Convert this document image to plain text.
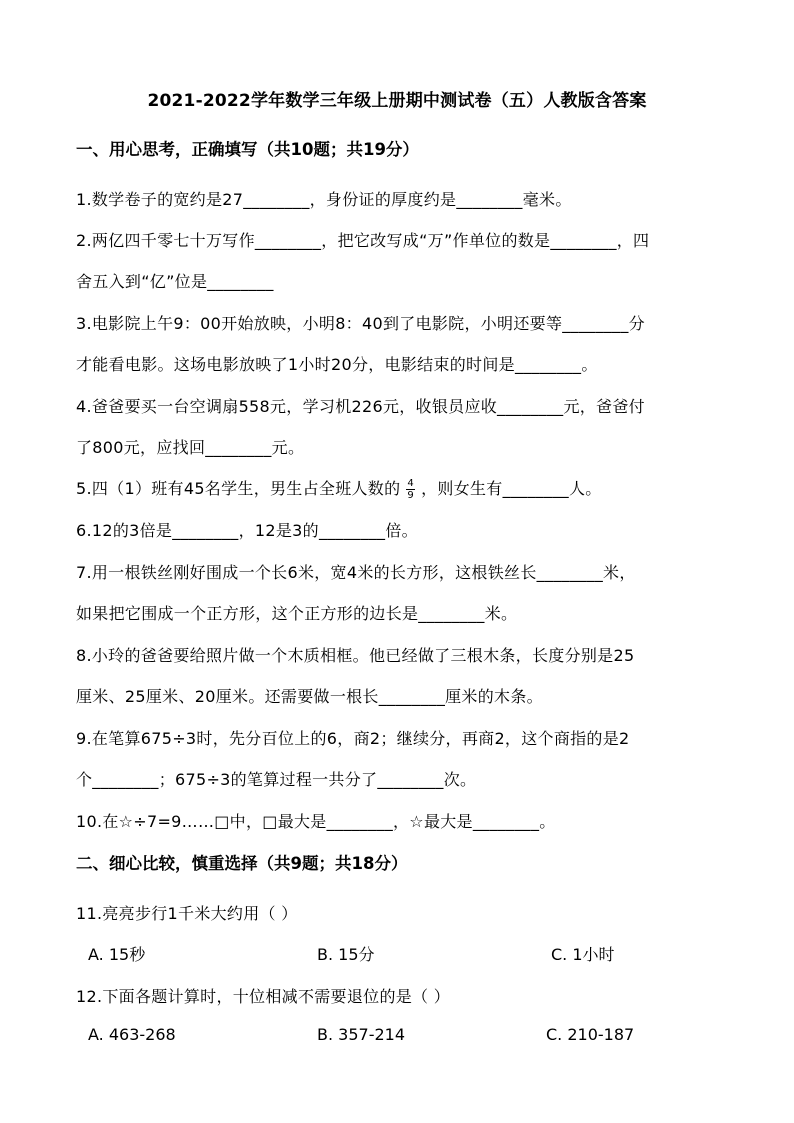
2021-2022学年数学三年级上册期中测试卷（五）人教版含答案
一、用心思考，正确填写（共10题；共19分）
1.数学卷子的宽约是27________，身份证的厚度约是________毫米。
2.两亿四千零七十万写作________，把它改写成“万”作单位的数是________，四
舍五入到“亿”位是________
3.电影院上午9：00开始放映，小明8：40到了电影院，小明还要等________分
才能看电影。这场电影放映了1小时20分，电影结束的时间是________。
4.爸爸要买一台空调扇558元，学习机226元，收银员应收________元，爸爸付
了800元，应找回________元。
5.四（1）班有45名学生，男生占全班人数的 $\frac{4}{9}$ ，则女生有________人。
6.12的3倍是________，12是3的________倍。
7.用一根铁丝刚好围成一个长6米，宽4米的长方形，这根铁丝长________米，
如果把它围成一个正方形，这个正方形的边长是________米。
8.小玲的爸爸要给照片做一个木质相框。他已经做了三根木条，长度分别是25
厘米、25厘米、20厘米。还需要做一根长________厘米的木条。
9.在笔算675÷3时，先分百位上的6，商2；继续分，再商2，这个商指的是2
个________；675÷3的笔算过程一共分了________次。
10.在☆÷7=9……□中，□最大是________，☆最大是________。
二、细心比较，慎重选择（共9题；共18分）
11.亮亮步行1千米大约用（ ）
A. 15秒	B. 15分	C. 1小时
12.下面各题计算时，十位相减不需要退位的是（ ）
A. 463-268	B. 357-214	C. 210-187
